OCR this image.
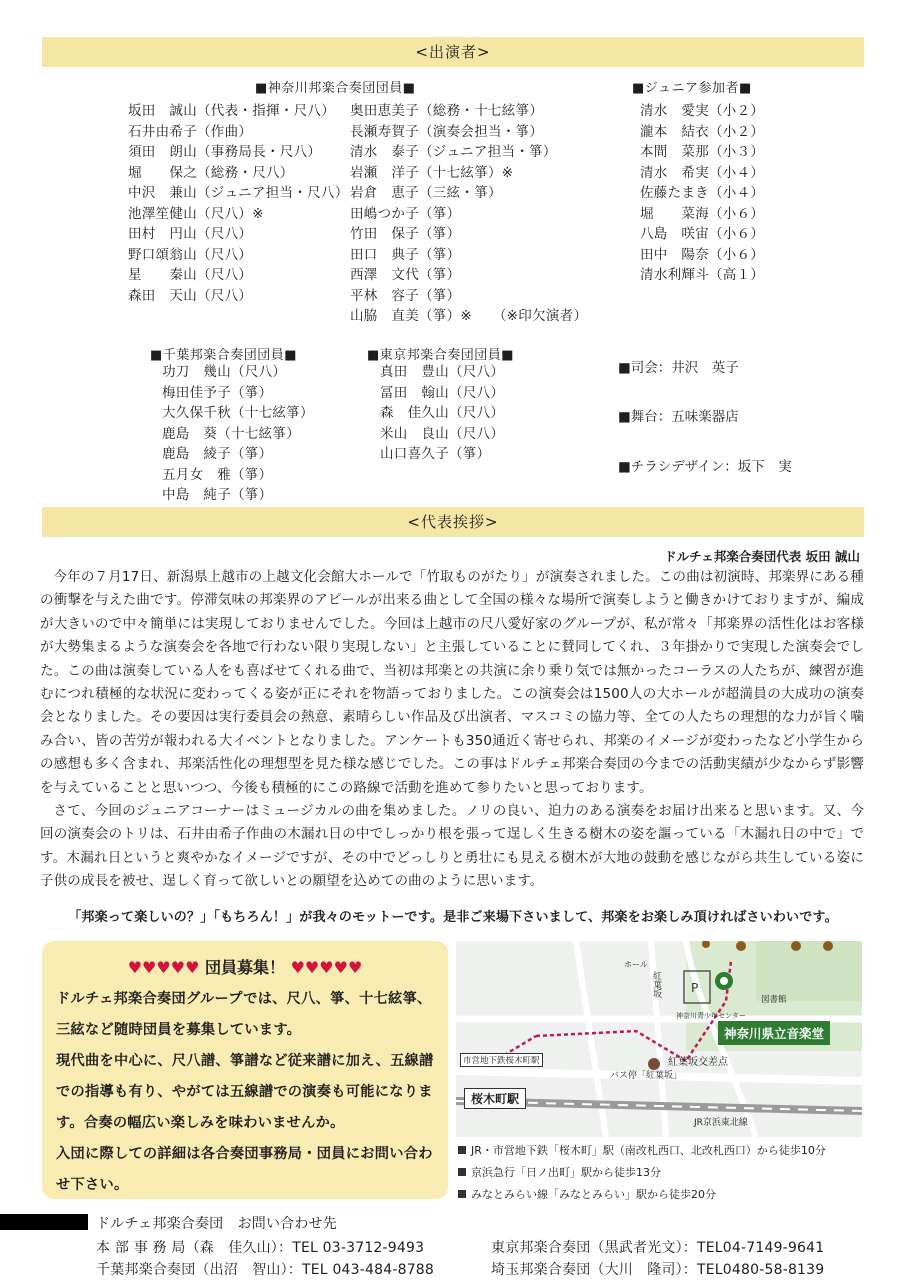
<出演者>
■神奈川邦楽合奏団団員■
坂田　誠山（代表・指揮・尺八）
石井由希子（作曲）
須田　朗山（事務局長・尺八）
堀　　保之（総務・尺八）
中沢　兼山（ジュニア担当・尺八）
池澤笙健山（尺八）※
田村　円山（尺八）
野口頌翁山（尺八）
星　　秦山（尺八）
森田　天山（尺八）
奥田恵美子（総務・十七絃箏）
長瀬寿賀子（演奏会担当・箏）
清水　泰子（ジュニア担当・箏）
岩瀬　洋子（十七絃箏）※
岩倉　恵子（三絃・箏）
田嶋つか子（箏）
竹田　保子（箏）
田口　典子（箏）
西澤　文代（箏）
平林　容子（箏）
山脇　直美（箏）※　　（※印欠演者）
■ジュニア参加者■
清水　愛実（小２）
瀧本　結衣（小２）
本間　菜那（小３）
清水　希実（小４）
佐藤たまき（小４）
堀　　菜海（小６）
八島　咲宙（小６）
田中　陽奈（小６）
清水利輝斗（高１）
■千葉邦楽合奏団団員■
功刀　幾山（尺八）
梅田佳予子（箏）
大久保千秋（十七絃箏）
鹿島　葵（十七絃箏）
鹿島　綾子（箏）
五月女　雅（箏）
中島　純子（箏）
■東京邦楽合奏団団員■
真田　豊山（尺八）
冨田　翰山（尺八）
森　佳久山（尺八）
米山　良山（尺八）
山口喜久子（箏）
■司会：井沢　英子
■舞台：五味楽器店
■チラシデザイン：坂下　実
<代表挨拶>
ドルチェ邦楽合奏団代表 坂田 誠山

今年の７月17日、新潟県上越市の上越文化会館大ホールで「竹取ものがたり」が演奏されました。この曲は初演時、邦楽界にある種の衝撃を与えた曲です。停滞気味の邦楽界のアピールが出来る曲として全国の様々な場所で演奏しようと働きかけておりますが、編成が大きいので中々簡単には実現しておりませんでした。今回は上越市の尺八愛好家のグループが、私が常々「邦楽界の活性化はお客様が大勢集まるような演奏会を各地で行わない限り実現しない」と主張していることに賛同してくれ、３年掛かりで実現した演奏会でした。この曲は演奏している人をも喜ばせてくれる曲で、当初は邦楽との共演に余り乗り気では無かったコーラスの人たちが、練習が進むにつれ積極的な状況に変わってくる姿が正にそれを物語っておりました。この演奏会は1500人の大ホールが超満員の大成功の演奏会となりました。その要因は実行委員会の熱意、素晴らしい作品及び出演者、マスコミの協力等、全ての人たちの理想的な力が旨く噛み合い、皆の苦労が報われる大イベントとなりました。アンケートも350通近く寄せられ、邦楽のイメージが変わったなど小学生からの感想も多く含まれ、邦楽活性化の理想型を見た様な感じでした。この事はドルチェ邦楽合奏団の今までの活動実績が少なからず影響を与えていることと思いつつ、今後も積極的にこの路線で活動を進めて参りたいと思っております。

さて、今回のジュニアコーナーはミュージカルの曲を集めました。ノリの良い、迫力のある演奏をお届け出来ると思います。又、今回の演奏会のトリは、石井由希子作曲の木漏れ日の中でしっかり根を張って逞しく生きる樹木の姿を謳っている「木漏れ日の中で」です。木漏れ日というと爽やかなイメージですが、その中でどっしりと勇壮にも見える樹木が大地の鼓動を感じながら共生している姿に子供の成長を被せ、逞しく育って欲しいとの願望を込めての曲のように思います。

「邦楽って楽しいの？」「もちろん！」が我々のモットーです。是非ご来場下さいまして、邦楽をお楽しみ頂ければさいわいです。
♥♥♥♥♥ 団員募集！ ♥♥♥♥♥

ドルチェ邦楽合奏団グループでは、尺八、箏、十七絃箏、三絃など随時団員を募集しています。

現代曲を中心に、尺八譜、箏譜など従来譜に加え、五線譜での指導も有り、やがては五線譜での演奏も可能になります。合奏の幅広い楽しみを味わいませんか。

入団に際しての詳細は各合奏団事務局・団員にお問い合わせ下さい。

P
神奈川県立音楽堂
桜木町駅
バス停「紅葉坂」
紅葉坂交差点
JR京浜東北線
市営地下鉄桜木町駅
紅葉坂
図書館
神奈川青少年センター
ホール
JR・市営地下鉄「桜木町」駅（南改札西口、北改札西口）から徒歩10分
京浜急行「日ノ出町」駅から徒歩13分
みなとみらい線「みなとみらい」駅から徒歩20分
ドルチェ邦楽合奏団　お問い合わせ先
本 部 事 務 局（森　佳久山）：TEL 03-3712-9493
千葉邦楽合奏団（出沼　智山）：TEL 043-484-8788
東京邦楽合奏団（黒武者光文）：TEL04-7149-9641
埼玉邦楽合奏団（大川　隆司）：TEL0480-58-8139
